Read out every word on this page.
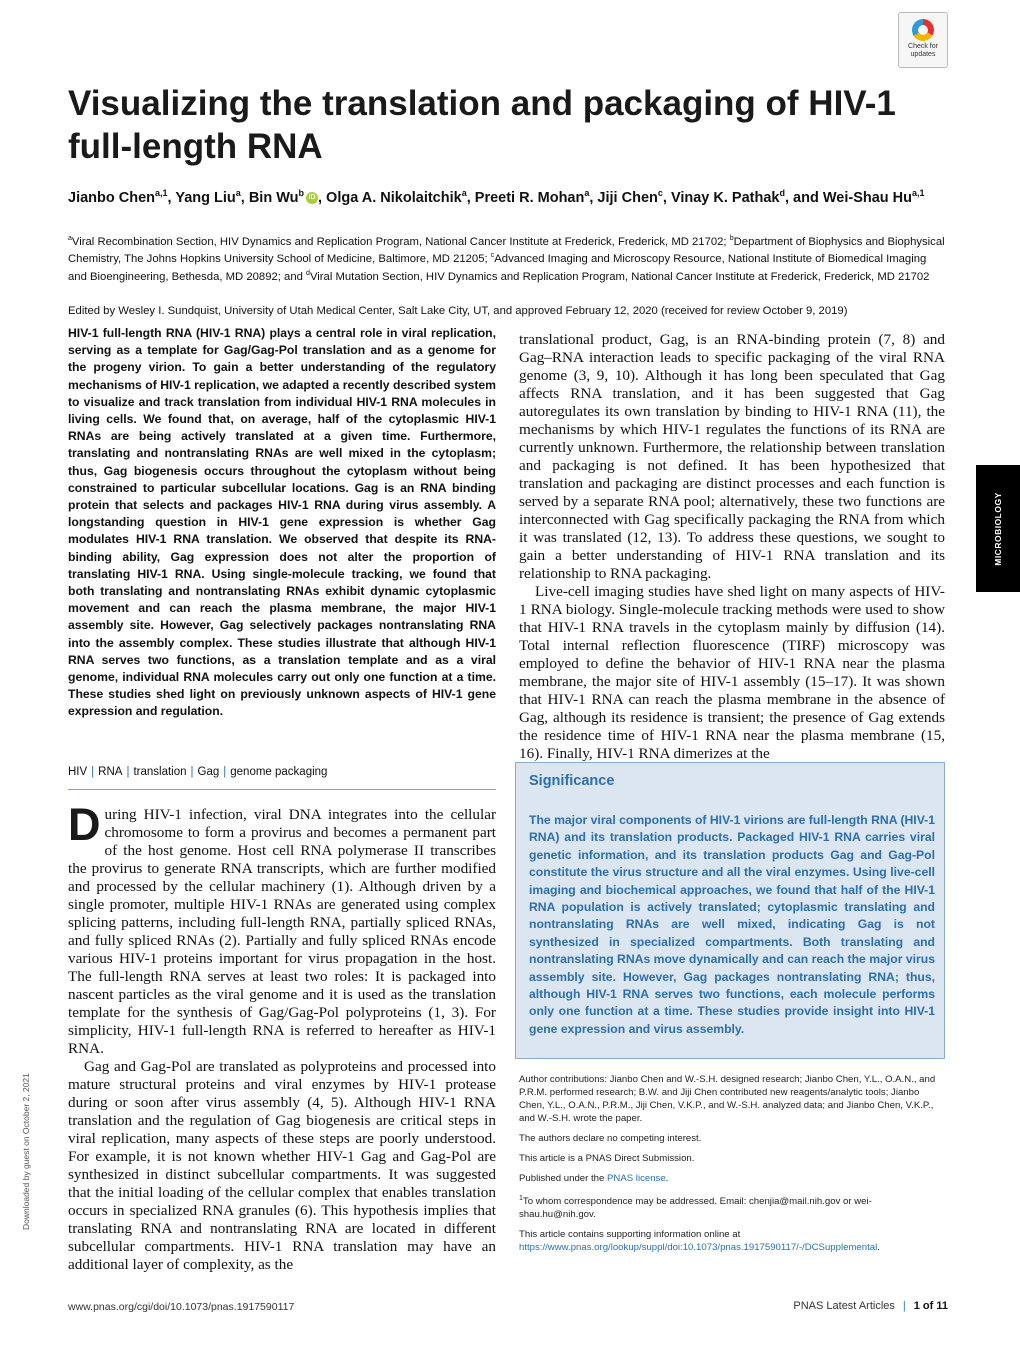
Check for
updates
Visualizing the translation and packaging of HIV-1 full-length RNA
Jianbo Chen$^{a,1}$, Yang Liu$^a$, Bin Wu$^b$ iD , Olga A. Nikolaitchik$^a$, Preeti R. Mohan$^a$, Jiji Chen$^c$, Vinay K. Pathak$^d$, and Wei-Shau Hu$^{a,1}$
$^a$Viral Recombination Section, HIV Dynamics and Replication Program, National Cancer Institute at Frederick, Frederick, MD 21702; $^b$Department of Biophysics and Biophysical Chemistry, The Johns Hopkins University School of Medicine, Baltimore, MD 21205; $^c$Advanced Imaging and Microscopy Resource, National Institute of Biomedical Imaging and Bioengineering, Bethesda, MD 20892; and $^d$Viral Mutation Section, HIV Dynamics and Replication Program, National Cancer Institute at Frederick, Frederick, MD 21702
Edited by Wesley I. Sundquist, University of Utah Medical Center, Salt Lake City, UT, and approved February 12, 2020 (received for review October 9, 2019)

HIV-1 full-length RNA (HIV-1 RNA) plays a central role in viral replication, serving as a template for Gag/Gag-Pol translation and as a genome for the progeny virion. To gain a better understanding of the regulatory mechanisms of HIV-1 replication, we adapted a recently described system to visualize and track translation from individual HIV-1 RNA molecules in living cells. We found that, on average, half of the cytoplasmic HIV-1 RNAs are being actively translated at a given time. Furthermore, translating and nontranslating RNAs are well mixed in the cytoplasm; thus, Gag biogenesis occurs throughout the cytoplasm without being constrained to particular subcellular locations. Gag is an RNA binding protein that selects and packages HIV-1 RNA during virus assembly. A longstanding question in HIV-1 gene expression is whether Gag modulates HIV-1 RNA translation. We observed that despite its RNA-binding ability, Gag expression does not alter the proportion of translating HIV-1 RNA. Using single-molecule tracking, we found that both translating and nontranslating RNAs exhibit dynamic cytoplasmic movement and can reach the plasma membrane, the major HIV-1 assembly site. However, Gag selectively packages nontranslating RNA into the assembly complex. These studies illustrate that although HIV-1 RNA serves two functions, as a translation template and as a viral genome, individual RNA molecules carry out only one function at a time. These studies shed light on previously unknown aspects of HIV-1 gene expression and regulation.

HIV | RNA | translation | Gag | genome packaging

During HIV-1 infection, viral DNA integrates into the cellular chromosome to form a provirus and becomes a permanent part of the host genome. Host cell RNA polymerase II transcribes the provirus to generate RNA transcripts, which are further modified and processed by the cellular machinery (1). Although driven by a single promoter, multiple HIV-1 RNAs are generated using complex splicing patterns, including full-length RNA, partially spliced RNAs, and fully spliced RNAs (2). Partially and fully spliced RNAs encode various HIV-1 proteins important for virus propagation in the host. The full-length RNA serves at least two roles: It is packaged into nascent particles as the viral genome and it is used as the translation template for the synthesis of Gag/Gag-Pol polyproteins (1, 3). For simplicity, HIV-1 full-length RNA is referred to hereafter as HIV-1 RNA.

Gag and Gag-Pol are translated as polyproteins and processed into mature structural proteins and viral enzymes by HIV-1 protease during or soon after virus assembly (4, 5). Although HIV-1 RNA translation and the regulation of Gag biogenesis are critical steps in viral replication, many aspects of these steps are poorly understood. For example, it is not known whether HIV-1 Gag and Gag-Pol are synthesized in distinct subcellular compartments. It was suggested that the initial loading of the cellular complex that enables translation occurs in specialized RNA granules (6). This hypothesis implies that translating RNA and nontranslating RNA are located in different subcellular compartments. HIV-1 RNA translation may have an additional layer of complexity, as the

translational product, Gag, is an RNA-binding protein (7, 8) and Gag–RNA interaction leads to specific packaging of the viral RNA genome (3, 9, 10). Although it has long been speculated that Gag affects RNA translation, and it has been suggested that Gag autoregulates its own translation by binding to HIV-1 RNA (11), the mechanisms by which HIV-1 regulates the functions of its RNA are currently unknown. Furthermore, the relationship between translation and packaging is not defined. It has been hypothesized that translation and packaging are distinct processes and each function is served by a separate RNA pool; alternatively, these two functions are interconnected with Gag specifically packaging the RNA from which it was translated (12, 13). To address these questions, we sought to gain a better understanding of HIV-1 RNA translation and its relationship to RNA packaging.

Live-cell imaging studies have shed light on many aspects of HIV-1 RNA biology. Single-molecule tracking methods were used to show that HIV-1 RNA travels in the cytoplasm mainly by diffusion (14). Total internal reflection fluorescence (TIRF) microscopy was employed to define the behavior of HIV-1 RNA near the plasma membrane, the major site of HIV-1 assembly (15–17). It was shown that HIV-1 RNA can reach the plasma membrane in the absence of Gag, although its residence is transient; the presence of Gag extends the residence time of HIV-1 RNA near the plasma membrane (15, 16). Finally, HIV-1 RNA dimerizes at the

Significance

The major viral components of HIV-1 virions are full-length RNA (HIV-1 RNA) and its translation products. Packaged HIV-1 RNA carries viral genetic information, and its translation products Gag and Gag-Pol constitute the virus structure and all the viral enzymes. Using live-cell imaging and biochemical approaches, we found that half of the HIV-1 RNA population is actively translated; cytoplasmic translating and nontranslating RNAs are well mixed, indicating Gag is not synthesized in specialized compartments. Both translating and nontranslating RNAs move dynamically and can reach the major virus assembly site. However, Gag packages nontranslating RNA; thus, although HIV-1 RNA serves two functions, each molecule performs only one function at a time. These studies provide insight into HIV-1 gene expression and virus assembly.

Author contributions: Jianbo Chen and W.-S.H. designed research; Jianbo Chen, Y.L., O.A.N., and P.R.M. performed research; B.W. and Jiji Chen contributed new reagents/analytic tools; Jianbo Chen, Y.L., O.A.N., P.R.M., Jiji Chen, V.K.P., and W.-S.H. analyzed data; and Jianbo Chen, V.K.P., and W.-S.H. wrote the paper.

The authors declare no competing interest.

This article is a PNAS Direct Submission.

Published under the PNAS license.

$^1$To whom correspondence may be addressed. Email: chenjia@mail.nih.gov or wei-shau.hu@nih.gov.

This article contains supporting information online at https://www.pnas.org/lookup/suppl/doi:10.1073/pnas.1917590117/-/DCSupplemental.

MICROBIOLOGY
Downloaded by guest on October 2, 2021
www.pnas.org/cgi/doi/10.1073/pnas.1917590117	PNAS Latest Articles | 1 of 11
